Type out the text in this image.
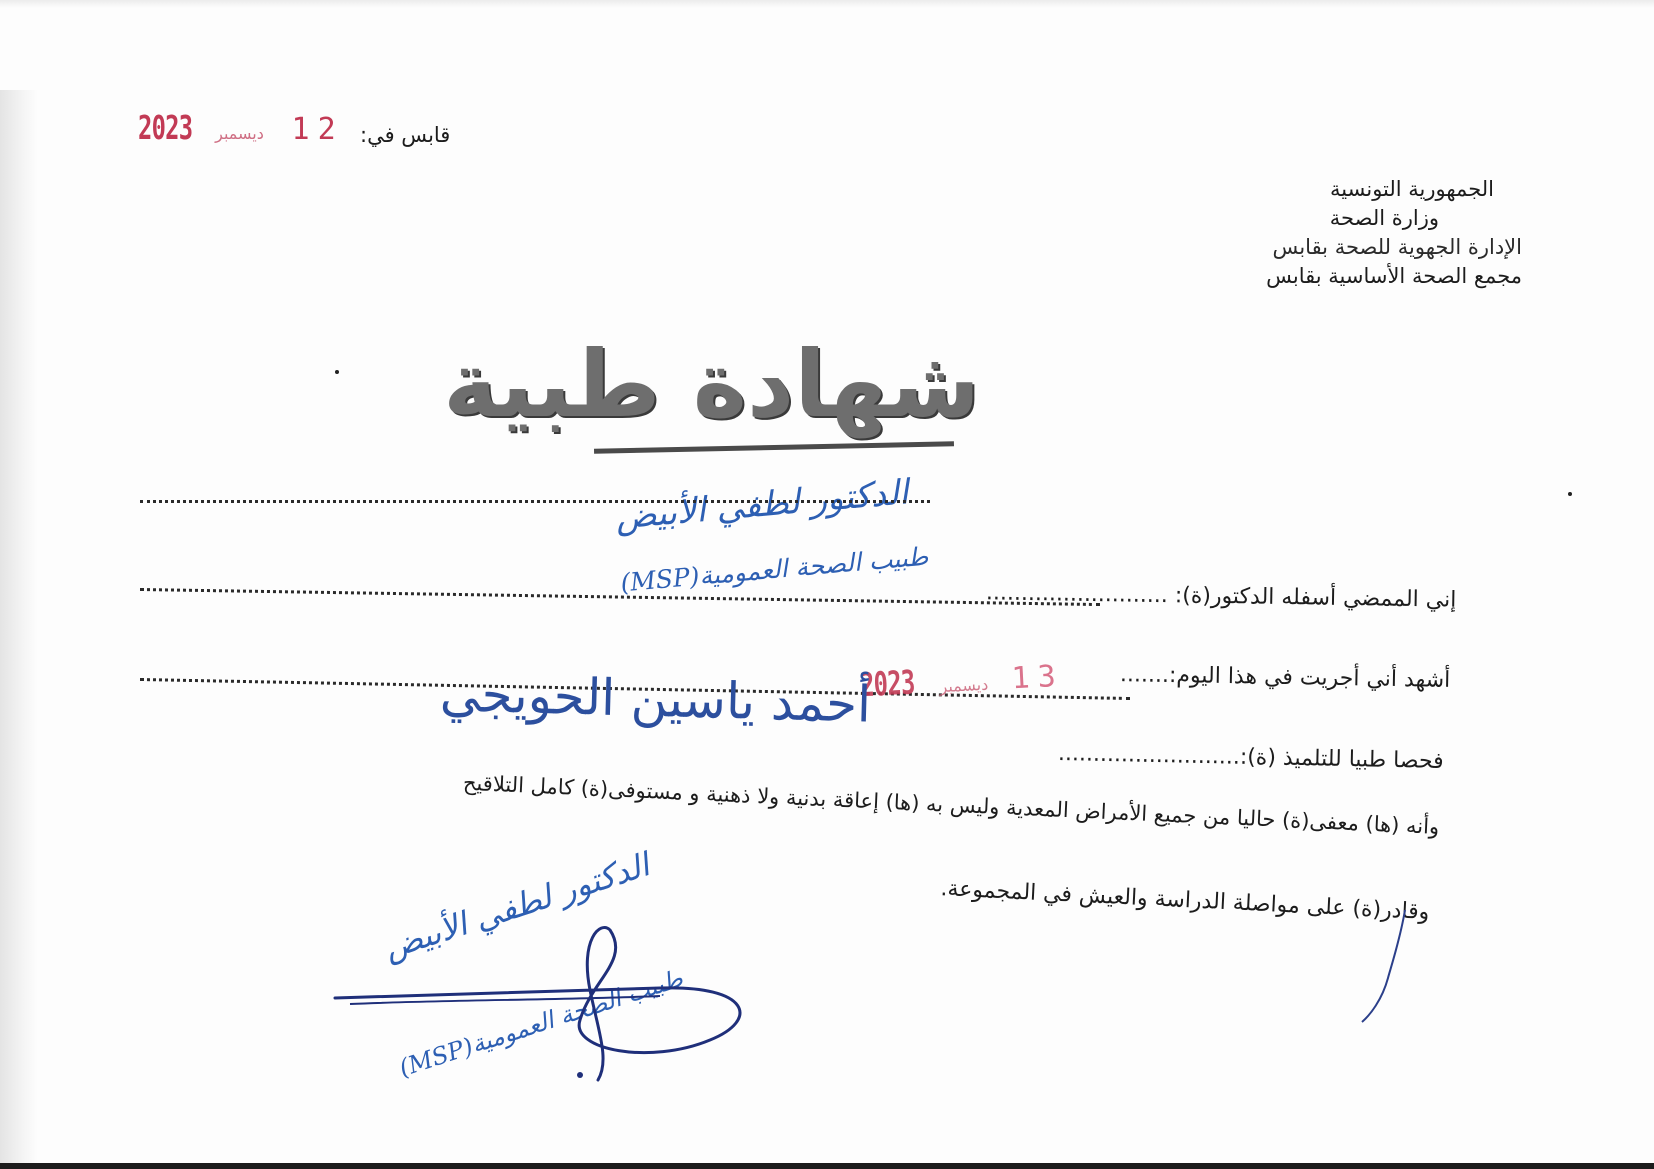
2023 ديسمبر 12 قابس في:
الجمهورية التونسية
وزارة الصحة
الإدارة الجهوية للصحة بقابس
مجمع الصحة الأساسية بقابس
شهادة طبية
الدكتور لطفي الأبيض
طبيب الصحة العمومية(MSP)
إني الممضي أسفله الدكتور(ة): ..........................
أشهد أني أجريت في هذا اليوم:.......
2023 ديسمبر 13
أحمد ياسين الحويجي
فحصا طبيا للتلميذ (ة):..........................
وأنه (ها) معفى(ة) حاليا من جميع الأمراض المعدية وليس به (ها) إعاقة بدنية ولا ذهنية و مستوفى(ة) كامل التلاقيح
وقادر(ة) على مواصلة الدراسة والعيش في المجموعة.
الدكتور لطفي الأبيض
طبيب الصحة العمومية(MSP)
